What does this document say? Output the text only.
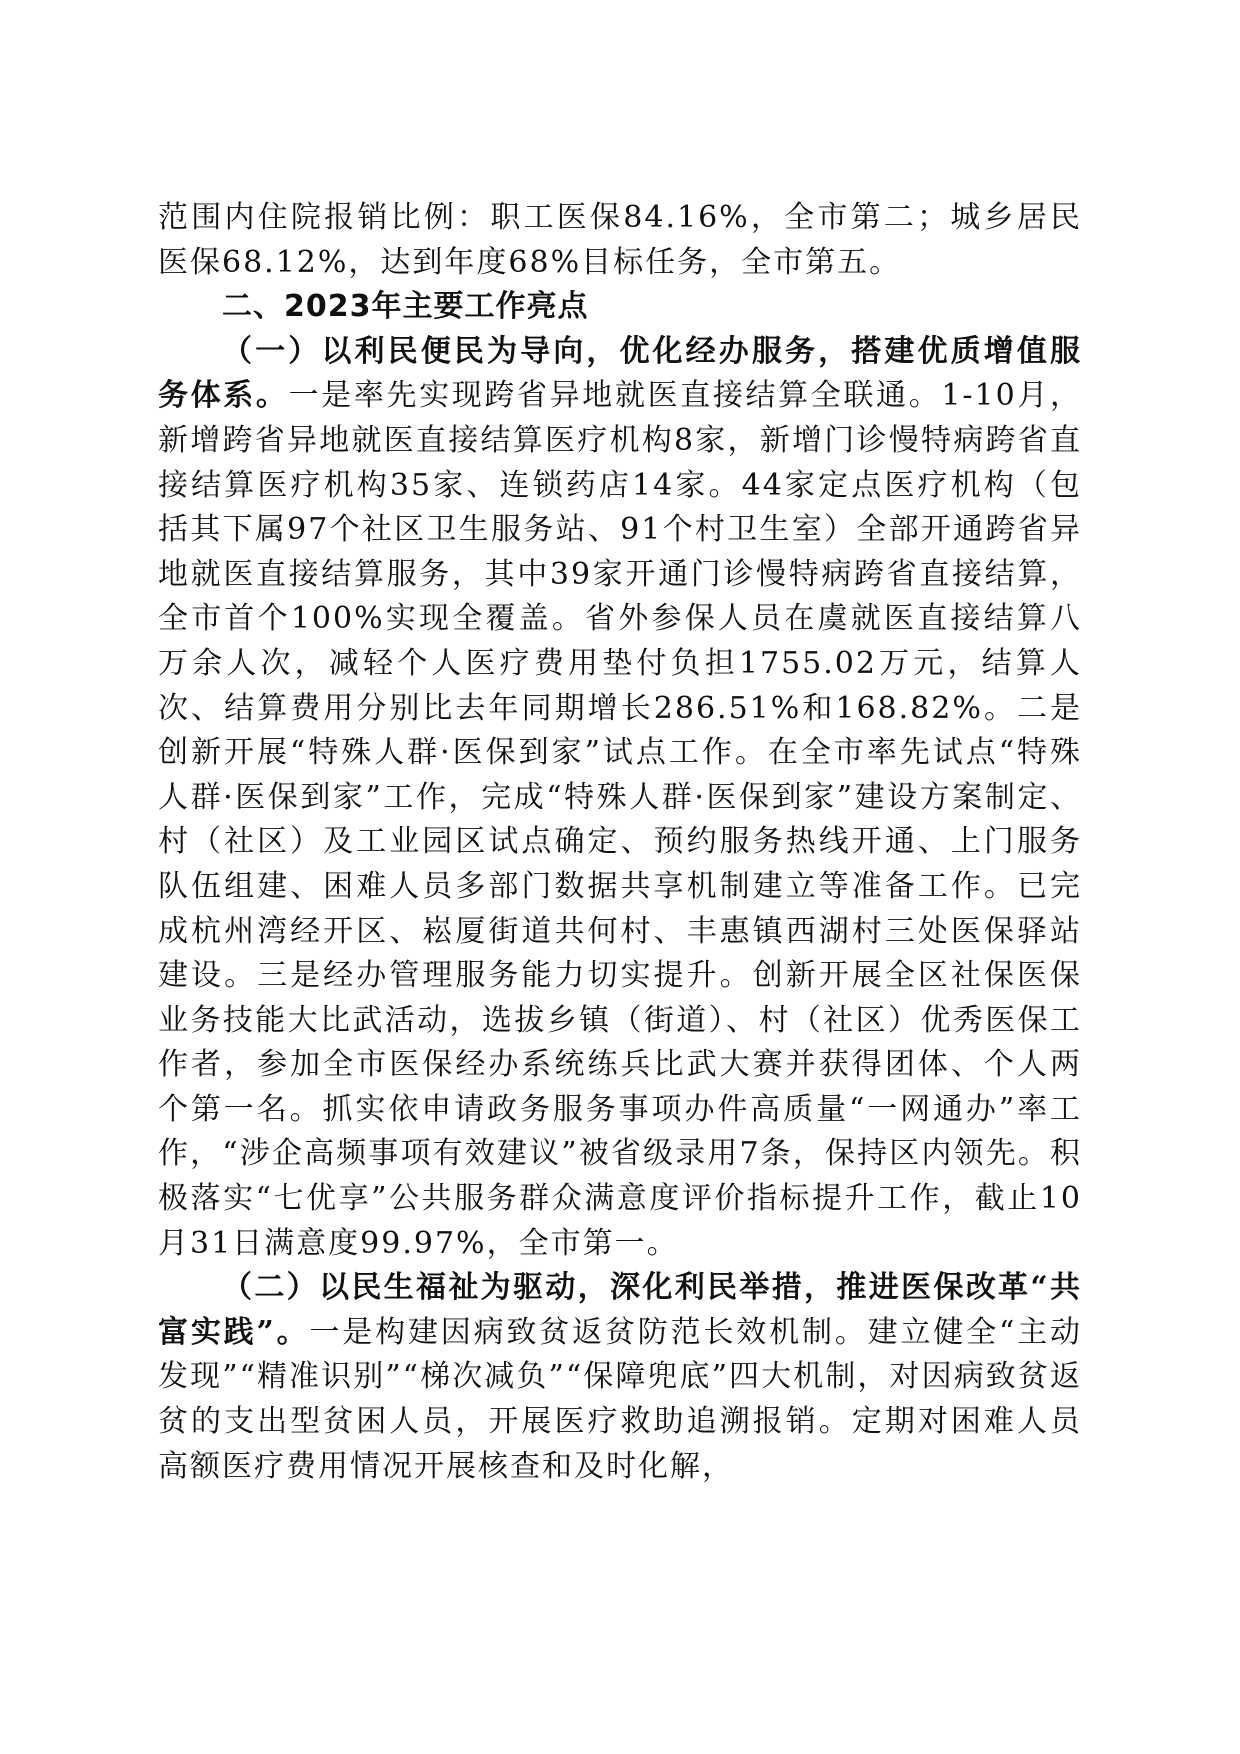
范围内住院报销比例：职工医保84.16%，全市第二；城乡居民医保68.12%，达到年度68%目标任务，全市第五。

二、2023年主要工作亮点

（一）以利民便民为导向，优化经办服务，搭建优质增值服务体系。一是率先实现跨省异地就医直接结算全联通。1-10月，新增跨省异地就医直接结算医疗机构8家，新增门诊慢特病跨省直接结算医疗机构35家、连锁药店14家。44家定点医疗机构（包括其下属97个社区卫生服务站、91个村卫生室）全部开通跨省异地就医直接结算服务，其中39家开通门诊慢特病跨省直接结算，全市首个100%实现全覆盖。省外参保人员在虞就医直接结算八万余人次，减轻个人医疗费用垫付负担1755.02万元，结算人次、结算费用分别比去年同期增长286.51%和168.82%。二是创新开展“特殊人群·医保到家”试点工作。在全市率先试点“特殊人群·医保到家”工作，完成“特殊人群·医保到家”建设方案制定、村（社区）及工业园区试点确定、预约服务热线开通、上门服务队伍组建、困难人员多部门数据共享机制建立等准备工作。已完成杭州湾经开区、崧厦街道共何村、丰惠镇西湖村三处医保驿站建设。三是经办管理服务能力切实提升。创新开展全区社保医保业务技能大比武活动，选拔乡镇（街道）、村（社区）优秀医保工作者，参加全市医保经办系统练兵比武大赛并获得团体、个人两个第一名。抓实依申请政务服务事项办件高质量“一网通办”率工作，“涉企高频事项有效建议”被省级录用7条，保持区内领先。积极落实“七优享”公共服务群众满意度评价指标提升工作，截止10月31日满意度99.97%，全市第一。

（二）以民生福祉为驱动，深化利民举措，推进医保改革“共富实践”。一是构建因病致贫返贫防范长效机制。建立健全“主动发现”“精准识别”“梯次减负”“保障兜底”四大机制，对因病致贫返贫的支出型贫困人员，开展医疗救助追溯报销。定期对困难人员高额医疗费用情况开展核查和及时化解，
